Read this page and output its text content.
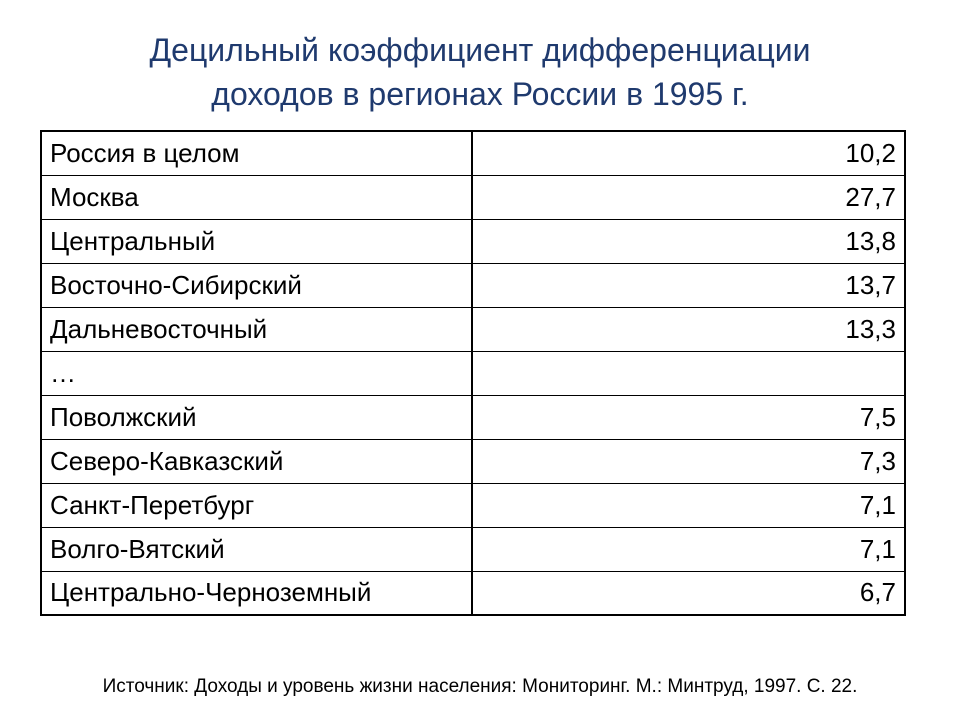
Децильный коэффициент дифференциации
доходов в регионах России в 1995 г.
Россия в целом	10,2
Москва	27,7
Центральный	13,8
Восточно-Сибирский	13,7
Дальневосточный	13,3
…	
Поволжский	7,5
Северо-Кавказский	7,3
Санкт-Перетбург	7,1
Волго-Вятский	7,1
Центрально-Черноземный	6,7
Источник: Доходы и уровень жизни населения: Мониторинг. М.: Минтруд, 1997. С. 22.
